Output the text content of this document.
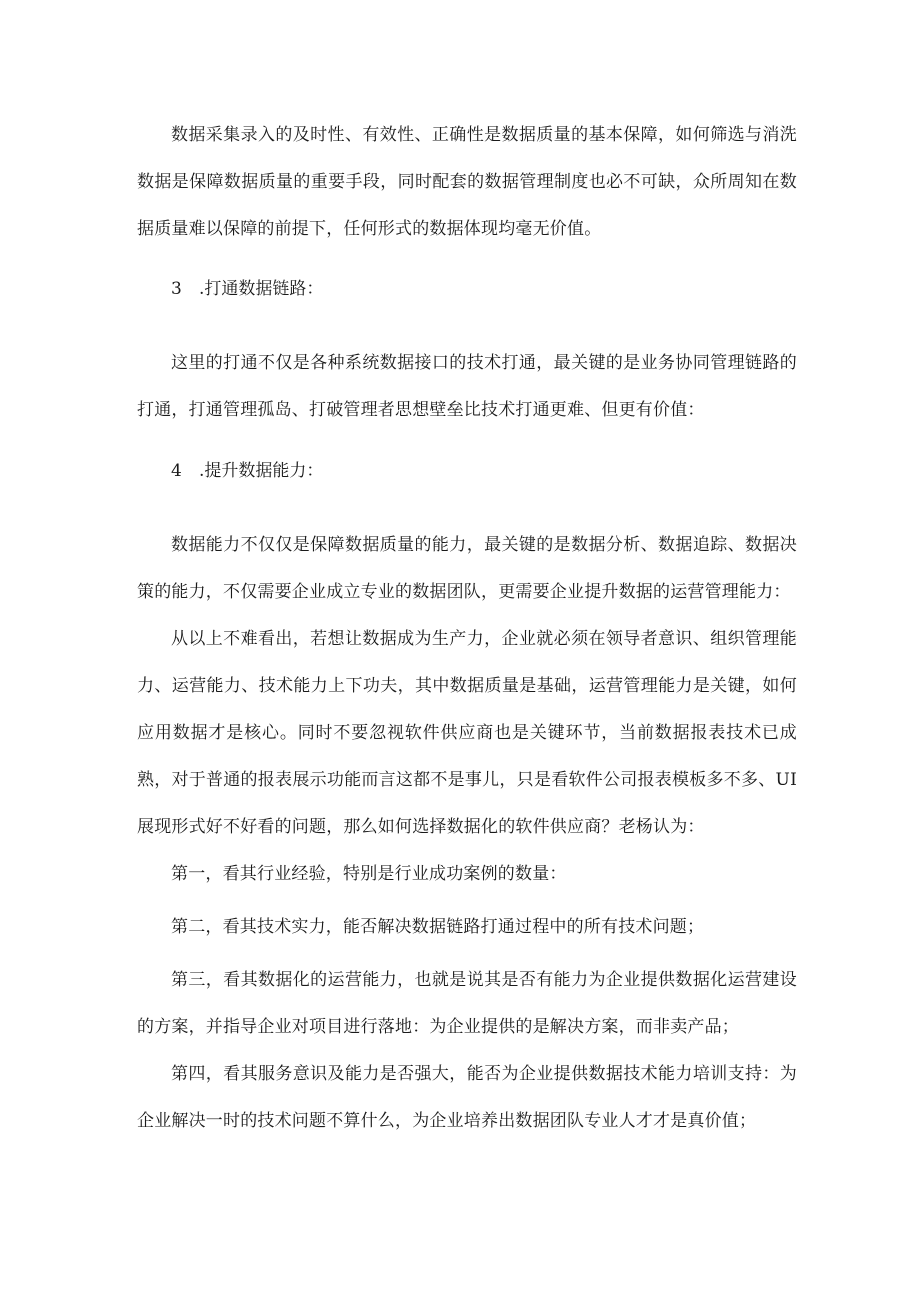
数据采集录入的及时性、有效性、正确性是数据质量的基本保障，如何筛选与消洗数据是保障数据质量的重要手段，同时配套的数据管理制度也必不可缺，众所周知在数据质量难以保障的前提下，任何形式的数据体现均毫无价值。

3 .打通数据链路：

这里的打通不仅是各种系统数据接口的技术打通，最关键的是业务协同管理链路的打通，打通管理孤岛、打破管理者思想壁垒比技术打通更难、但更有价值：

4 .提升数据能力：

数据能力不仅仅是保障数据质量的能力，最关键的是数据分析、数据追踪、数据决策的能力，不仅需要企业成立专业的数据团队，更需要企业提升数据的运营管理能力：

从以上不难看出，若想让数据成为生产力，企业就必须在领导者意识、组织管理能力、运营能力、技术能力上下功夫，其中数据质量是基础，运营管理能力是关键，如何应用数据才是核心。同时不要忽视软件供应商也是关键环节，当前数据报表技术已成熟，对于普通的报表展示功能而言这都不是事儿，只是看软件公司报表模板多不多、UI展现形式好不好看的问题，那么如何选择数据化的软件供应商？老杨认为：

第一，看其行业经验，特别是行业成功案例的数量：

第二，看其技术实力，能否解决数据链路打通过程中的所有技术问题；

第三，看其数据化的运营能力，也就是说其是否有能力为企业提供数据化运营建设的方案，并指导企业对项目进行落地：为企业提供的是解决方案，而非卖产品；

第四，看其服务意识及能力是否强大，能否为企业提供数据技术能力培训支持：为企业解决一时的技术问题不算什么，为企业培养出数据团队专业人才才是真价值；
